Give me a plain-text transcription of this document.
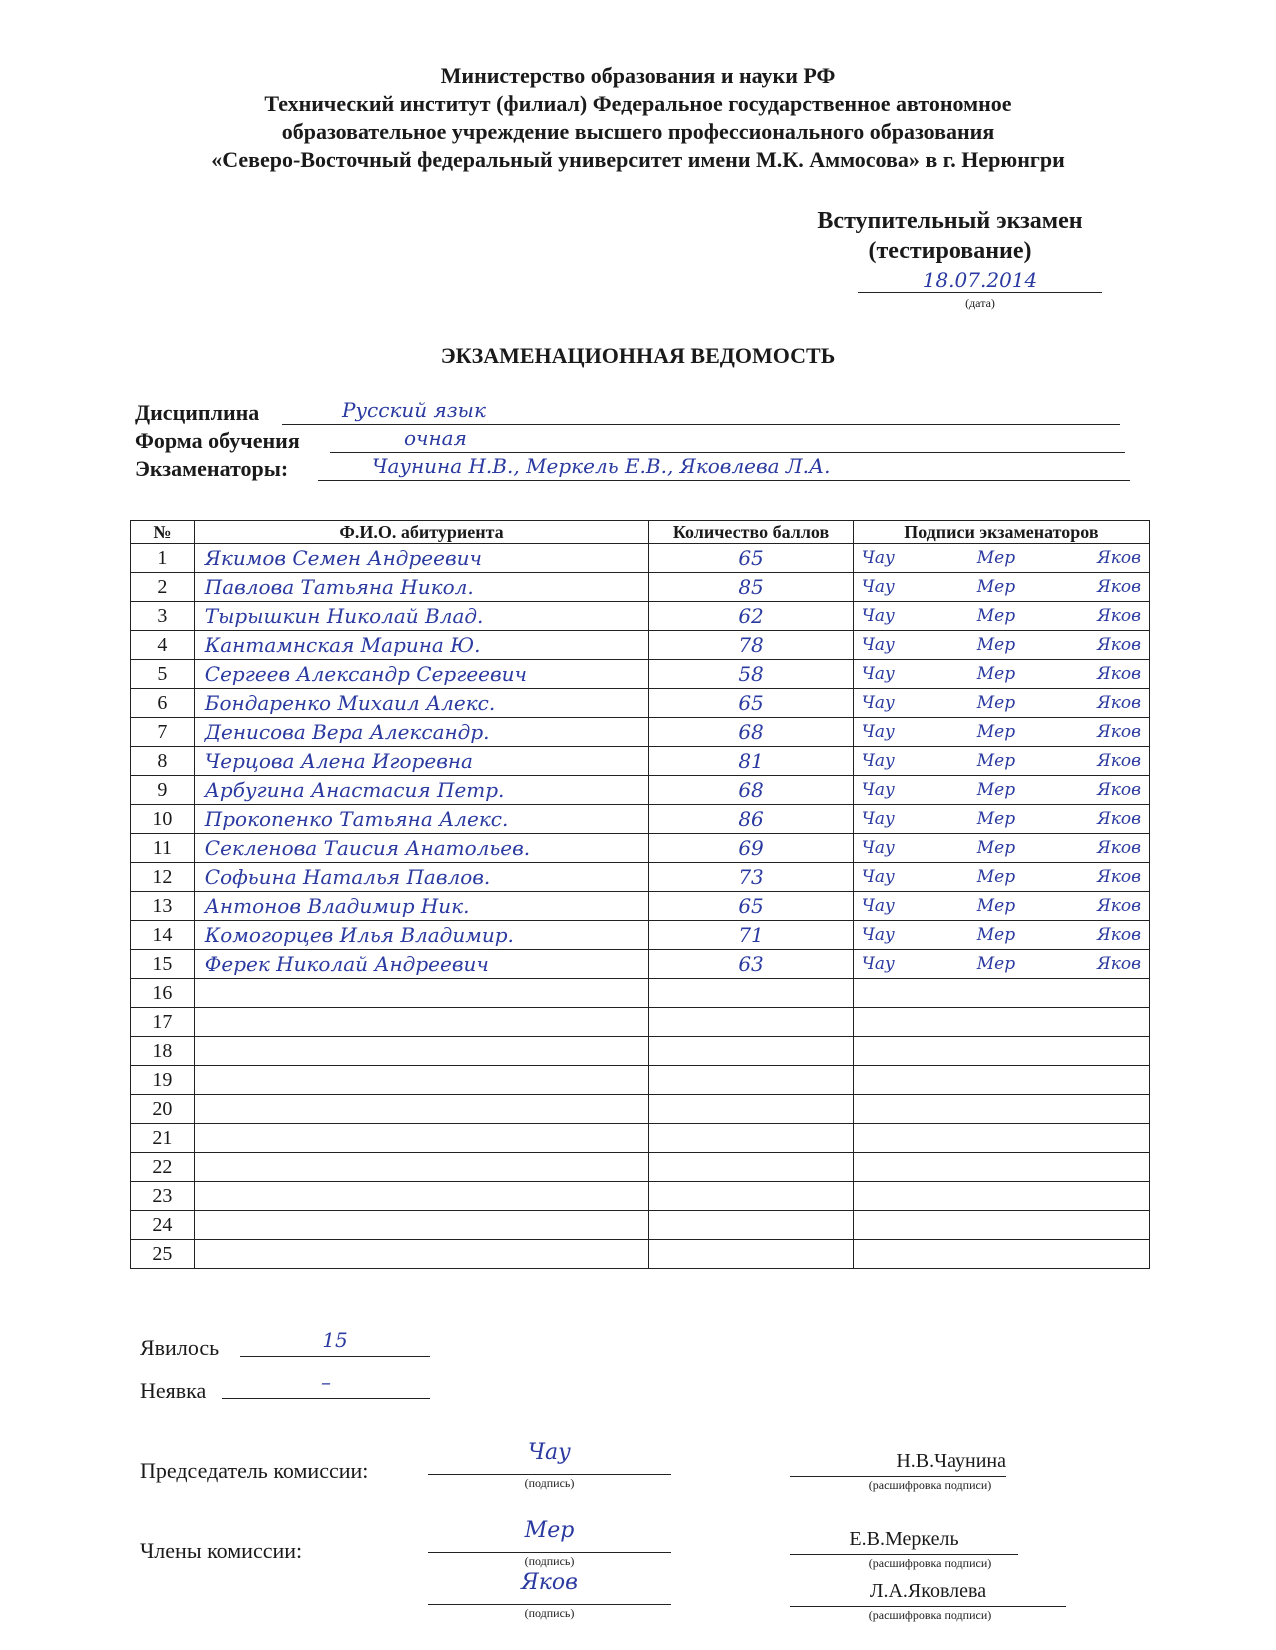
Министерство образования и науки РФ
Технический институт (филиал) Федеральное государственное автономное
образовательное учреждение высшего профессионального образования
«Северо-Восточный федеральный университет имени М.К. Аммосова» в г. Нерюнгри
Вступительный экзамен
(тестирование)
18.07.2014
(дата)
ЭКЗАМЕНАЦИОННАЯ ВЕДОМОСТЬ
Дисциплина	Русский язык
Форма обучения	очная
Экзаменаторы:	Чаунина Н.В., Меркель Е.В., Яковлева Л.А.
№	Ф.И.О. абитуриента	Количество баллов	Подписи экзаменаторов
1	Якимов Семен Андреевич	65	Чау Мер Яков

2	Павлова Татьяна Никол.	85	Чау Мер Яков

3	Тырышкин Николай Влад.	62	Чау Мер Яков

4	Кантамнская Марина Ю.	78	Чау Мер Яков

5	Сергеев Александр Сергеевич	58	Чау Мер Яков

6	Бондаренко Михаил Алекс.	65	Чау Мер Яков

7	Денисова Вера Александр.	68	Чау Мер Яков

8	Черцова Алена Игоревна	81	Чау Мер Яков

9	Арбугина Анастасия Петр.	68	Чау Мер Яков

10	Прокопенко Татьяна Алекс.	86	Чау Мер Яков

11	Секленова Таисия Анатольев.	69	Чау Мер Яков

12	Софьина Наталья Павлов.	73	Чау Мер Яков

13	Антонов Владимир Ник.	65	Чау Мер Яков

14	Комогорцев Илья Владимир.	71	Чау Мер Яков

15	Ферек Николай Андреевич	63	Чау Мер Яков

16			

17			

18			

19			

20			

21			

22			

23			

24			

25			
Явилось	15
Неявка	–
Председатель комиссии:
Чау
(подпись)
Н.В.Чаунина
(расшифровка подписи)
Члены комиссии:
Мер
(подпись)
Е.В.Меркель
(расшифровка подписи)
Яков
(подпись)
Л.А.Яковлева
(расшифровка подписи)
